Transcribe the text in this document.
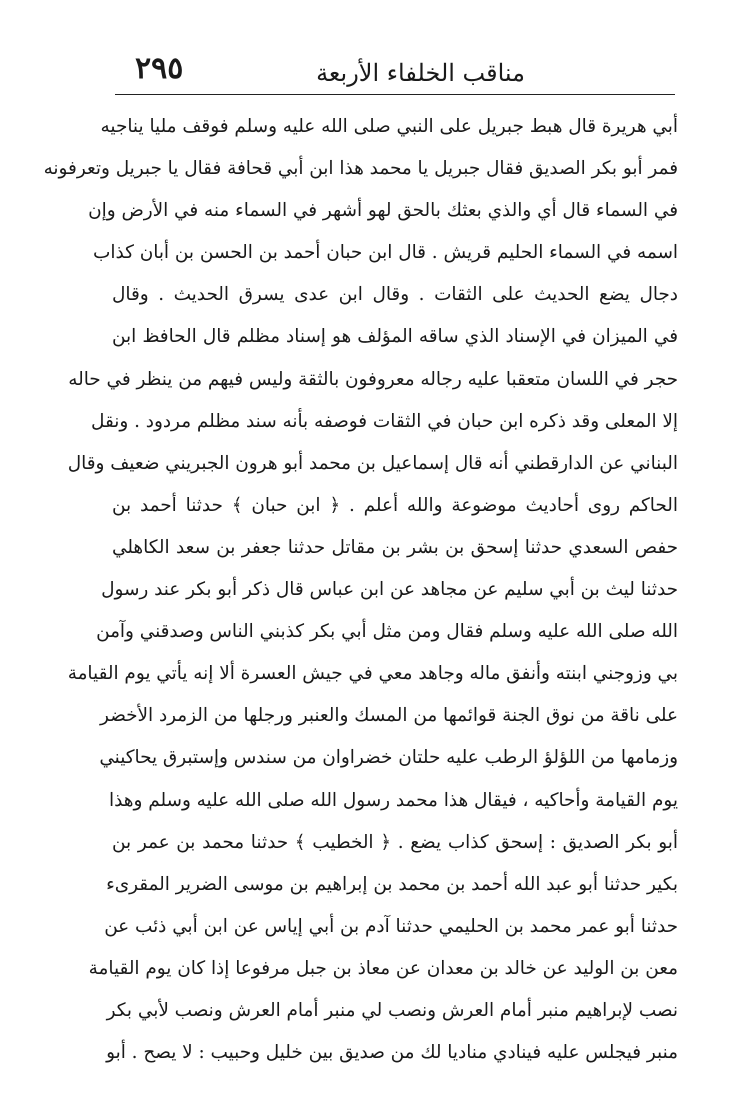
مناقب الخلفاء الأربعة
٢٩٥
أبي هريرة قال هبط جبريل على النبي صلى الله عليه وسلم فوقف مليا يناجيه
فمر أبو بكر الصديق فقال جبريل يا محمد هذا ابن أبي قحافة فقال يا جبريل وتعرفونه
في السماء قال أي والذي بعثك بالحق لهو أشهر في السماء منه في الأرض وإن
اسمه في السماء الحليم قريش . قال ابن حبان أحمد بن الحسن بن أبان كذاب
دجال يضع الحديث على الثقات . وقال ابن عدى يسرق الحديث . وقال
في الميزان في الإسناد الذي ساقه المؤلف هو إسناد مظلم قال الحافظ ابن
حجر في اللسان متعقبا عليه رجاله معروفون بالثقة وليس فيهم من ينظر في حاله
إلا المعلى وقد ذكره ابن حبان في الثقات فوصفه بأنه سند مظلم مردود . ونقل
البناني عن الدارقطني أنه قال إسماعيل بن محمد أبو هرون الجبريني ضعيف وقال
الحاكم روى أحاديث موضوعة والله أعلم . ﴿ ابن حبان ﴾ حدثنا أحمد بن
حفص السعدي حدثنا إسحق بن بشر بن مقاتل حدثنا جعفر بن سعد الكاهلي
حدثنا ليث بن أبي سليم عن مجاهد عن ابن عباس قال ذكر أبو بكر عند رسول
الله صلى الله عليه وسلم فقال ومن مثل أبي بكر كذبني الناس وصدقني وآمن
بي وزوجني ابنته وأنفق ماله وجاهد معي في جيش العسرة ألا إنه يأتي يوم القيامة
على ناقة من نوق الجنة قوائمها من المسك والعنبر ورجلها من الزمرد الأخضر
وزمامها من اللؤلؤ الرطب عليه حلتان خضراوان من سندس وإستبرق يحاكيني
يوم القيامة وأحاكيه ، فيقال هذا محمد رسول الله صلى الله عليه وسلم وهذا
أبو بكر الصديق : إسحق كذاب يضع . ﴿ الخطيب ﴾ حدثنا محمد بن عمر بن
بكير حدثنا أبو عبد الله أحمد بن محمد بن إبراهيم بن موسى الضرير المقرىء
حدثنا أبو عمر محمد بن الحليمي حدثنا آدم بن أبي إياس عن ابن أبي ذئب عن
معن بن الوليد عن خالد بن معدان عن معاذ بن جبل مرفوعا إذا كان يوم القيامة
نصب لإبراهيم منبر أمام العرش ونصب لي منبر أمام العرش ونصب لأبي بكر
منبر فيجلس عليه فينادي مناديا لك من صديق بين خليل وحبيب : لا يصح . أبو
